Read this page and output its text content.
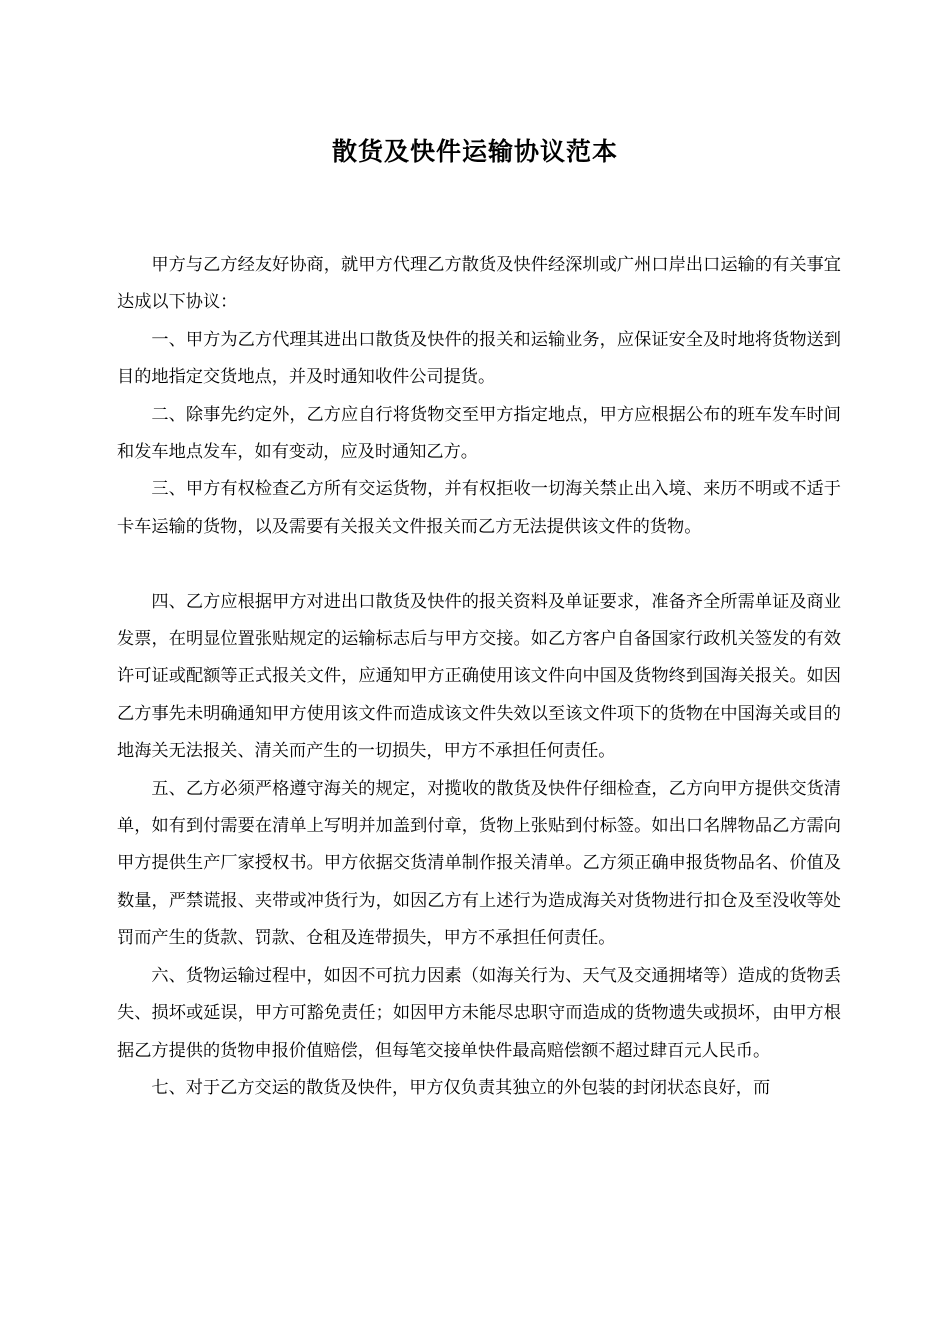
散货及快件运输协议范本

甲方与乙方经友好协商，就甲方代理乙方散货及快件经深圳或广州口岸出口运输的有关事宜达成以下协议：

一、甲方为乙方代理其进出口散货及快件的报关和运输业务，应保证安全及时地将货物送到目的地指定交货地点，并及时通知收件公司提货。

二、除事先约定外，乙方应自行将货物交至甲方指定地点，甲方应根据公布的班车发车时间和发车地点发车，如有变动，应及时通知乙方。

三、甲方有权检查乙方所有交运货物，并有权拒收一切海关禁止出入境、来历不明或不适于卡车运输的货物，以及需要有关报关文件报关而乙方无法提供该文件的货物。

四、乙方应根据甲方对进出口散货及快件的报关资料及单证要求，准备齐全所需单证及商业发票，在明显位置张贴规定的运输标志后与甲方交接。如乙方客户自备国家行政机关签发的有效许可证或配额等正式报关文件，应通知甲方正确使用该文件向中国及货物终到国海关报关。如因乙方事先未明确通知甲方使用该文件而造成该文件失效以至该文件项下的货物在中国海关或目的地海关无法报关、清关而产生的一切损失，甲方不承担任何责任。

五、乙方必须严格遵守海关的规定，对揽收的散货及快件仔细检查，乙方向甲方提供交货清单，如有到付需要在清单上写明并加盖到付章，货物上张贴到付标签。如出口名牌物品乙方需向甲方提供生产厂家授权书。甲方依据交货清单制作报关清单。乙方须正确申报货物品名、价值及数量，严禁谎报、夹带或冲货行为，如因乙方有上述行为造成海关对货物进行扣仓及至没收等处罚而产生的货款、罚款、仓租及连带损失，甲方不承担任何责任。

六、货物运输过程中，如因不可抗力因素（如海关行为、天气及交通拥堵等）造成的货物丢失、损坏或延误，甲方可豁免责任；如因甲方未能尽忠职守而造成的货物遗失或损坏，由甲方根据乙方提供的货物申报价值赔偿，但每笔交接单快件最高赔偿额不超过肆百元人民币。

七、对于乙方交运的散货及快件，甲方仅负责其独立的外包装的封闭状态良好，而
